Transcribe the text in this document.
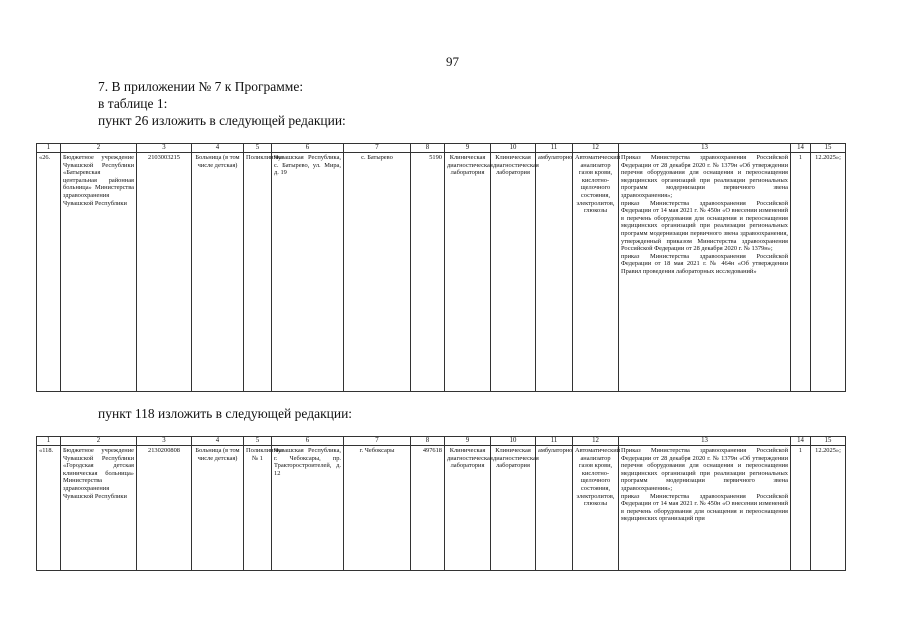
97

7. В приложении № 7 к Программе:

в таблице 1:

пункт 26 изложить в следующей редакции:

1	2	3	4	5	6	7	8	9	10	11	12	13	14	15
«26.	Бюджетное учреждение Чувашской Республики «Батыревская центральная районная больница» Министерства здравоохранения Чувашской Республики	2103003215	Больница (в том числе детская)	Поликлиника	Чувашская Республика, с. Батырево, ул. Мира, д. 19	с. Батырево	5190	Клиническая диагностическая лаборатория	Клиническая диагностическая лаборатория	амбулаторно	Автоматический анализатор газов крови, кислотно-щелочного состояния, электролитов, глюкозы	Приказ Министерства здравоохранения Российской Федерации от 28 декабря 2020 г. № 1379н «Об утверждении перечня оборудования для оснащения и переоснащения медицинских организаций при реализации региональных программ модернизации первичного звена здравоохранения»;
приказ Министерства здравоохранения Российской Федерации от 14 мая 2021 г. № 450н «О внесении изменений в перечень оборудования для оснащения и переоснащения медицинских организаций при реализации региональных программ модернизации первичного звена здравоохранения, утвержденный приказом Министерства здравоохранения Российской Федерации от 28 декабря 2020 г. № 1379н»;
приказ Министерства здравоохранения Российской Федерации от 18 мая 2021 г. № 464н «Об утверждении Правил проведения лабораторных исследований»	1	12.2025»;

пункт 118 изложить в следующей редакции:

1	2	3	4	5	6	7	8	9	10	11	12	13	14	15
«118.	Бюджетное учреждение Чувашской Республики «Городская детская клиническая больница» Министерства здравоохранения Чувашской Республики	2130200808	Больница (в том числе детская)	Поликлиника № 1	Чувашская Республика, г. Чебоксары, пр. Тракторостроителей, д. 12	г. Чебоксары	497618	Клиническая диагностическая лаборатория	Клиническая диагностическая лаборатория	амбулаторно	Автоматический анализатор газов крови, кислотно-щелочного состояния, электролитов, глюкозы	Приказ Министерства здравоохранения Российской Федерации от 28 декабря 2020 г. № 1379н «Об утверждении перечня оборудования для оснащения и переоснащения медицинских организаций при реализации региональных программ модернизации первичного звена здравоохранения»;
приказ Министерства здравоохранения Российской Федерации от 14 мая 2021 г. № 450н «О внесении изменений в перечень оборудования для оснащения и переоснащения медицинских организаций при	1	12.2025»;
